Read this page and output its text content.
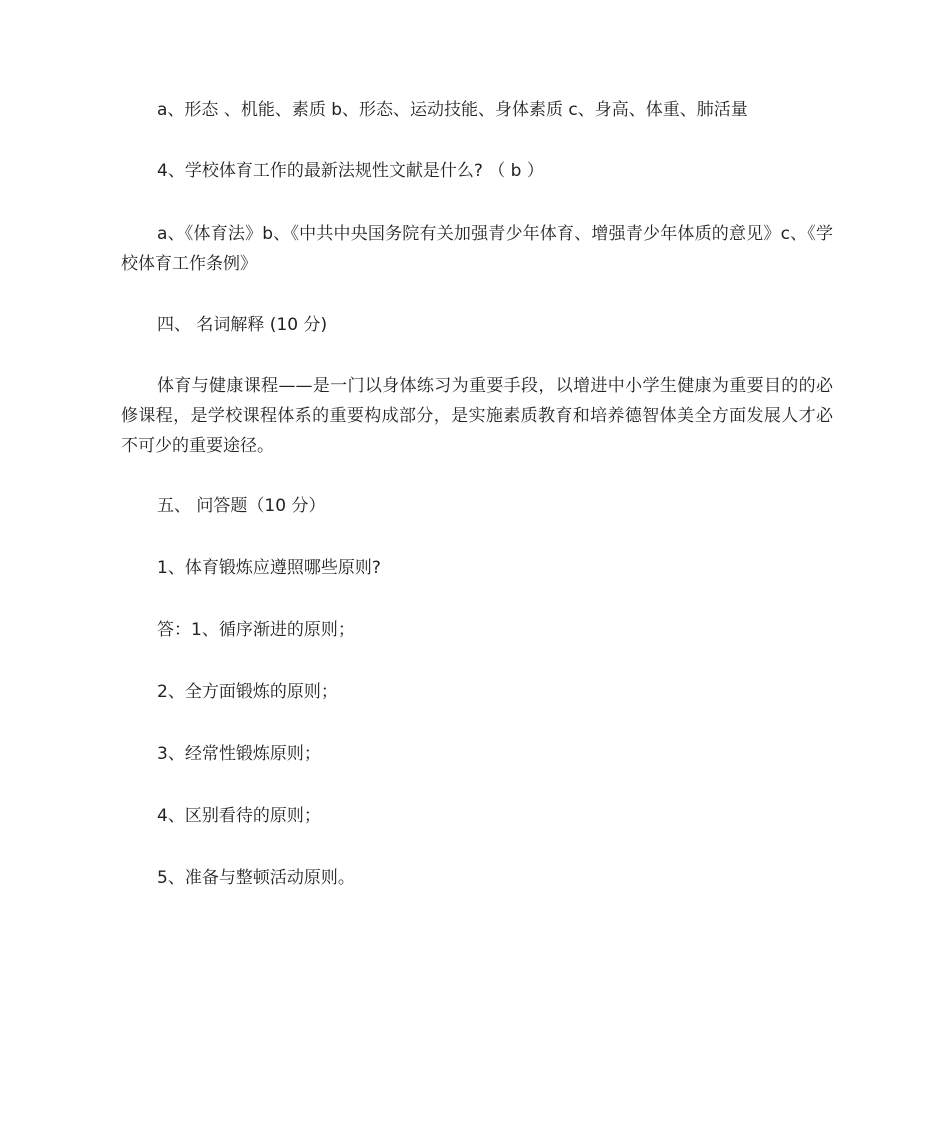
a、形态 、机能、素质 b、形态、运动技能、身体素质 c、身高、体重、肺活量

4、学校体育工作的最新法规性文献是什么? （ b ）

a、《体育法》b、《中共中央国务院有关加强青少年体育、增强青少年体质的意见》c、《学校体育工作条例》

四、 名词解释 (10 分)

体育与健康课程——是一门以身体练习为重要手段，以增进中小学生健康为重要目的的必修课程，是学校课程体系的重要构成部分，是实施素质教育和培养德智体美全方面发展人才必不可少的重要途径。

五、 问答题（10 分）

1、体育锻炼应遵照哪些原则?

答：1、循序渐进的原则；

2、全方面锻炼的原则；

3、经常性锻炼原则；

4、区别看待的原则；

5、准备与整顿活动原则。
